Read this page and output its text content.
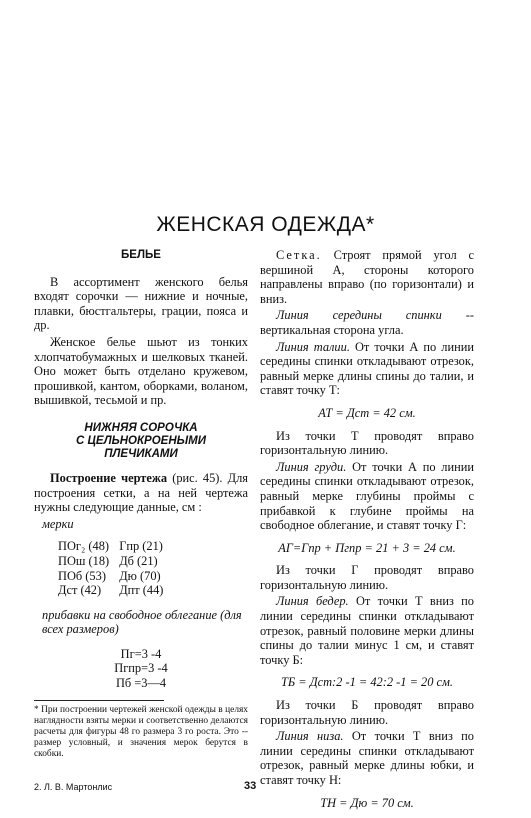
ЖЕНСКАЯ ОДЕЖДА*
БЕЛЬЕ

В ассортимент женского белья входят сорочки — нижние и ночные, плавки, бюстгальтеры, грации, пояса и др.

Женское белье шьют из тонких хлопчатобумажных и шелковых тканей. Оно может быть отделано кружевом, прошивкой, кантом, оборками, воланом, вышивкой, тесьмой и пр.

НИЖНЯЯ СОРОЧКА
С ЦЕЛЬНОКРОЕНЫМИ
ПЛЕЧИКАМИ

Построение чертежа (рис. 45). Для построения сетки, а на ней чертежа нужны следующие данные, см :

мерки
ПОг₂ (48)	Гпр (21)
ПОш (18)	Дб (21)
ПОб (53)	Дю (70)
Дст (42)	Дпт (44)
прибавки на свободное облегание (для всех размеров)
Пг=3 -4
Пгпр=3 -4
Пб =3—4

Сетка. Строят прямой угол с вершиной А, стороны которого направлены вправо (по горизонтали) и вниз.

Линия середины спинки -- вертикальная сторона угла.

Линия талии. От точки А по линии середины спинки откладывают отрезок, равный мерке длины спины до талии, и ставят точку Т:

АТ = Дст = 42 см.

Из точки Т проводят вправо горизонтальную линию.

Линия груди. От точки А по линии середины спинки откладывают отрезок, равный мерке глубины проймы с прибавкой к глубине проймы на свободное облегание, и ставят точку Г:

АГ=Гпр + Пгпр = 21 + 3 = 24 см.

Из точки Г проводят вправо горизонтальную линию.

Линия бедер. От точки Т вниз по линии середины спинки откладывают отрезок, равный половине мерки длины спины до талии минус 1 см, и ставят точку Б:

ТБ = Дст:2 -1 = 42:2 -1 = 20 см.

Из точки Б проводят вправо горизонтальную линию.

Линия низа. От точки Т вниз по линии середины спинки откладывают отрезок, равный мерке длины юбки, и ставят точку Н:

ТН = Дю = 70 см.
* При построении чертежей женской одежды в целях наглядности взяты мерки и соответственно делаются расчеты для фигуры 48 го размера 3 го роста. Это -- размер условный, и значения мерок берутся в скобки.
2. Л. В. Мартонлис	33
